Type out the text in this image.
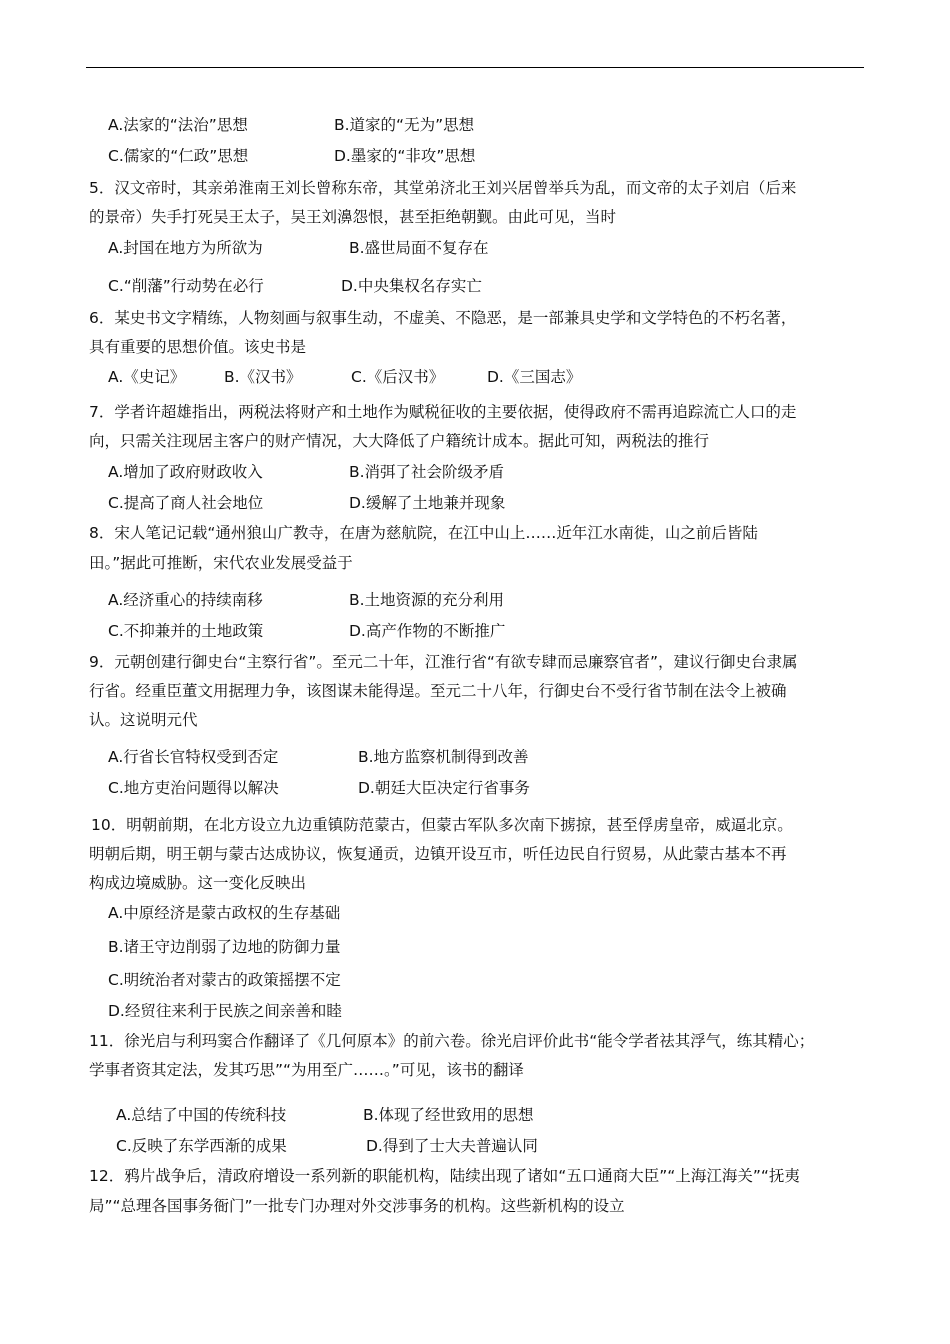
A.法家的“法治”思想	B.道家的“无为”思想
C.儒家的“仁政”思想	D.墨家的“非攻”思想
5．汉文帝时，其亲弟淮南王刘长曾称东帝，其堂弟济北王刘兴居曾举兵为乱，而文帝的太子刘启（后来
的景帝）失手打死吴王太子，吴王刘濞怨恨，甚至拒绝朝觐。由此可见，当时
A.封国在地方为所欲为	B.盛世局面不复存在
C.“削藩”行动势在必行	D.中央集权名存实亡
6．某史书文字精练，人物刻画与叙事生动，不虚美、不隐恶，是一部兼具史学和文学特色的不朽名著，
具有重要的思想价值。该史书是
A.《史记》 B.《汉书》	C.《后汉书》	D.《三国志》
7．学者许超雄指出，两税法将财产和土地作为赋税征收的主要依据，使得政府不需再追踪流亡人口的走
向，只需关注现居主客户的财产情况，大大降低了户籍统计成本。据此可知，两税法的推行
A.增加了政府财政收入	B.消弭了社会阶级矛盾
C.提高了商人社会地位	D.缓解了土地兼并现象
8．宋人笔记记载“通州狼山广教寺，在唐为慈航院，在江中山上……近年江水南徙，山之前后皆陆
田。”据此可推断，宋代农业发展受益于
A.经济重心的持续南移	B.土地资源的充分利用
C.不抑兼并的土地政策	D.高产作物的不断推广
9．元朝创建行御史台“主察行省”。至元二十年，江淮行省“有欲专肆而忌廉察官者”，建议行御史台隶属
行省。经重臣董文用据理力争，该图谋未能得逞。至元二十八年，行御史台不受行省节制在法令上被确
认。这说明元代
A.行省长官特权受到否定	B.地方监察机制得到改善
C.地方吏治问题得以解决	D.朝廷大臣决定行省事务
10．明朝前期，在北方设立九边重镇防范蒙古，但蒙古军队多次南下掳掠，甚至俘虏皇帝，威逼北京。
明朝后期，明王朝与蒙古达成协议，恢复通贡，边镇开设互市，听任边民自行贸易，从此蒙古基本不再
构成边境威胁。这一变化反映出
A.中原经济是蒙古政权的生存基础
B.诸王守边削弱了边地的防御力量
C.明统治者对蒙古的政策摇摆不定
D.经贸往来利于民族之间亲善和睦
11．徐光启与利玛窦合作翻译了《几何原本》的前六卷。徐光启评价此书“能令学者祛其浮气，练其精心；
学事者资其定法，发其巧思”“为用至广……。”可见，该书的翻译
A.总结了中国的传统科技	B.体现了经世致用的思想
C.反映了东学西渐的成果	D.得到了士大夫普遍认同
12．鸦片战争后，清政府增设一系列新的职能机构，陆续出现了诸如“五口通商大臣”“上海江海关”“抚夷
局”“总理各国事务衙门”一批专门办理对外交涉事务的机构。这些新机构的设立
